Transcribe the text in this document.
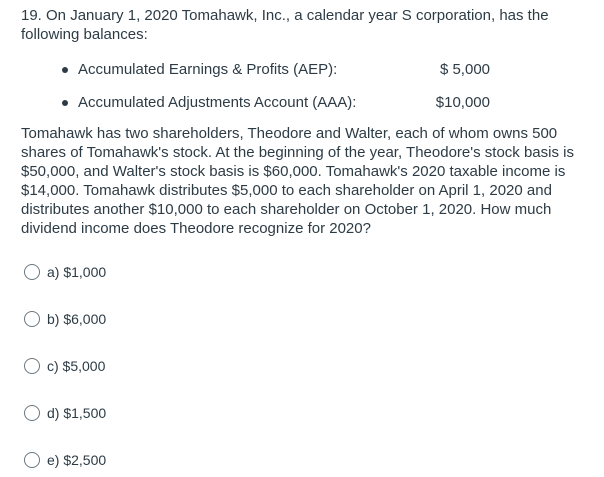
19. On January 1, 2020 Tomahawk, Inc., a calendar year S corporation, has the following balances:

Accumulated Earnings & Profits (AEP):	$ 5,000
Accumulated Adjustments Account (AAA):	$10,000

Tomahawk has two shareholders, Theodore and Walter, each of whom owns 500 shares of Tomahawk's stock. At the beginning of the year, Theodore's stock basis is $50,000, and Walter's stock basis is $60,000. Tomahawk's 2020 taxable income is $14,000. Tomahawk distributes $5,000 to each shareholder on April 1, 2020 and distributes another $10,000 to each shareholder on October 1, 2020. How much dividend income does Theodore recognize for 2020?

a) $1,000
b) $6,000
c) $5,000
d) $1,500
e) $2,500
